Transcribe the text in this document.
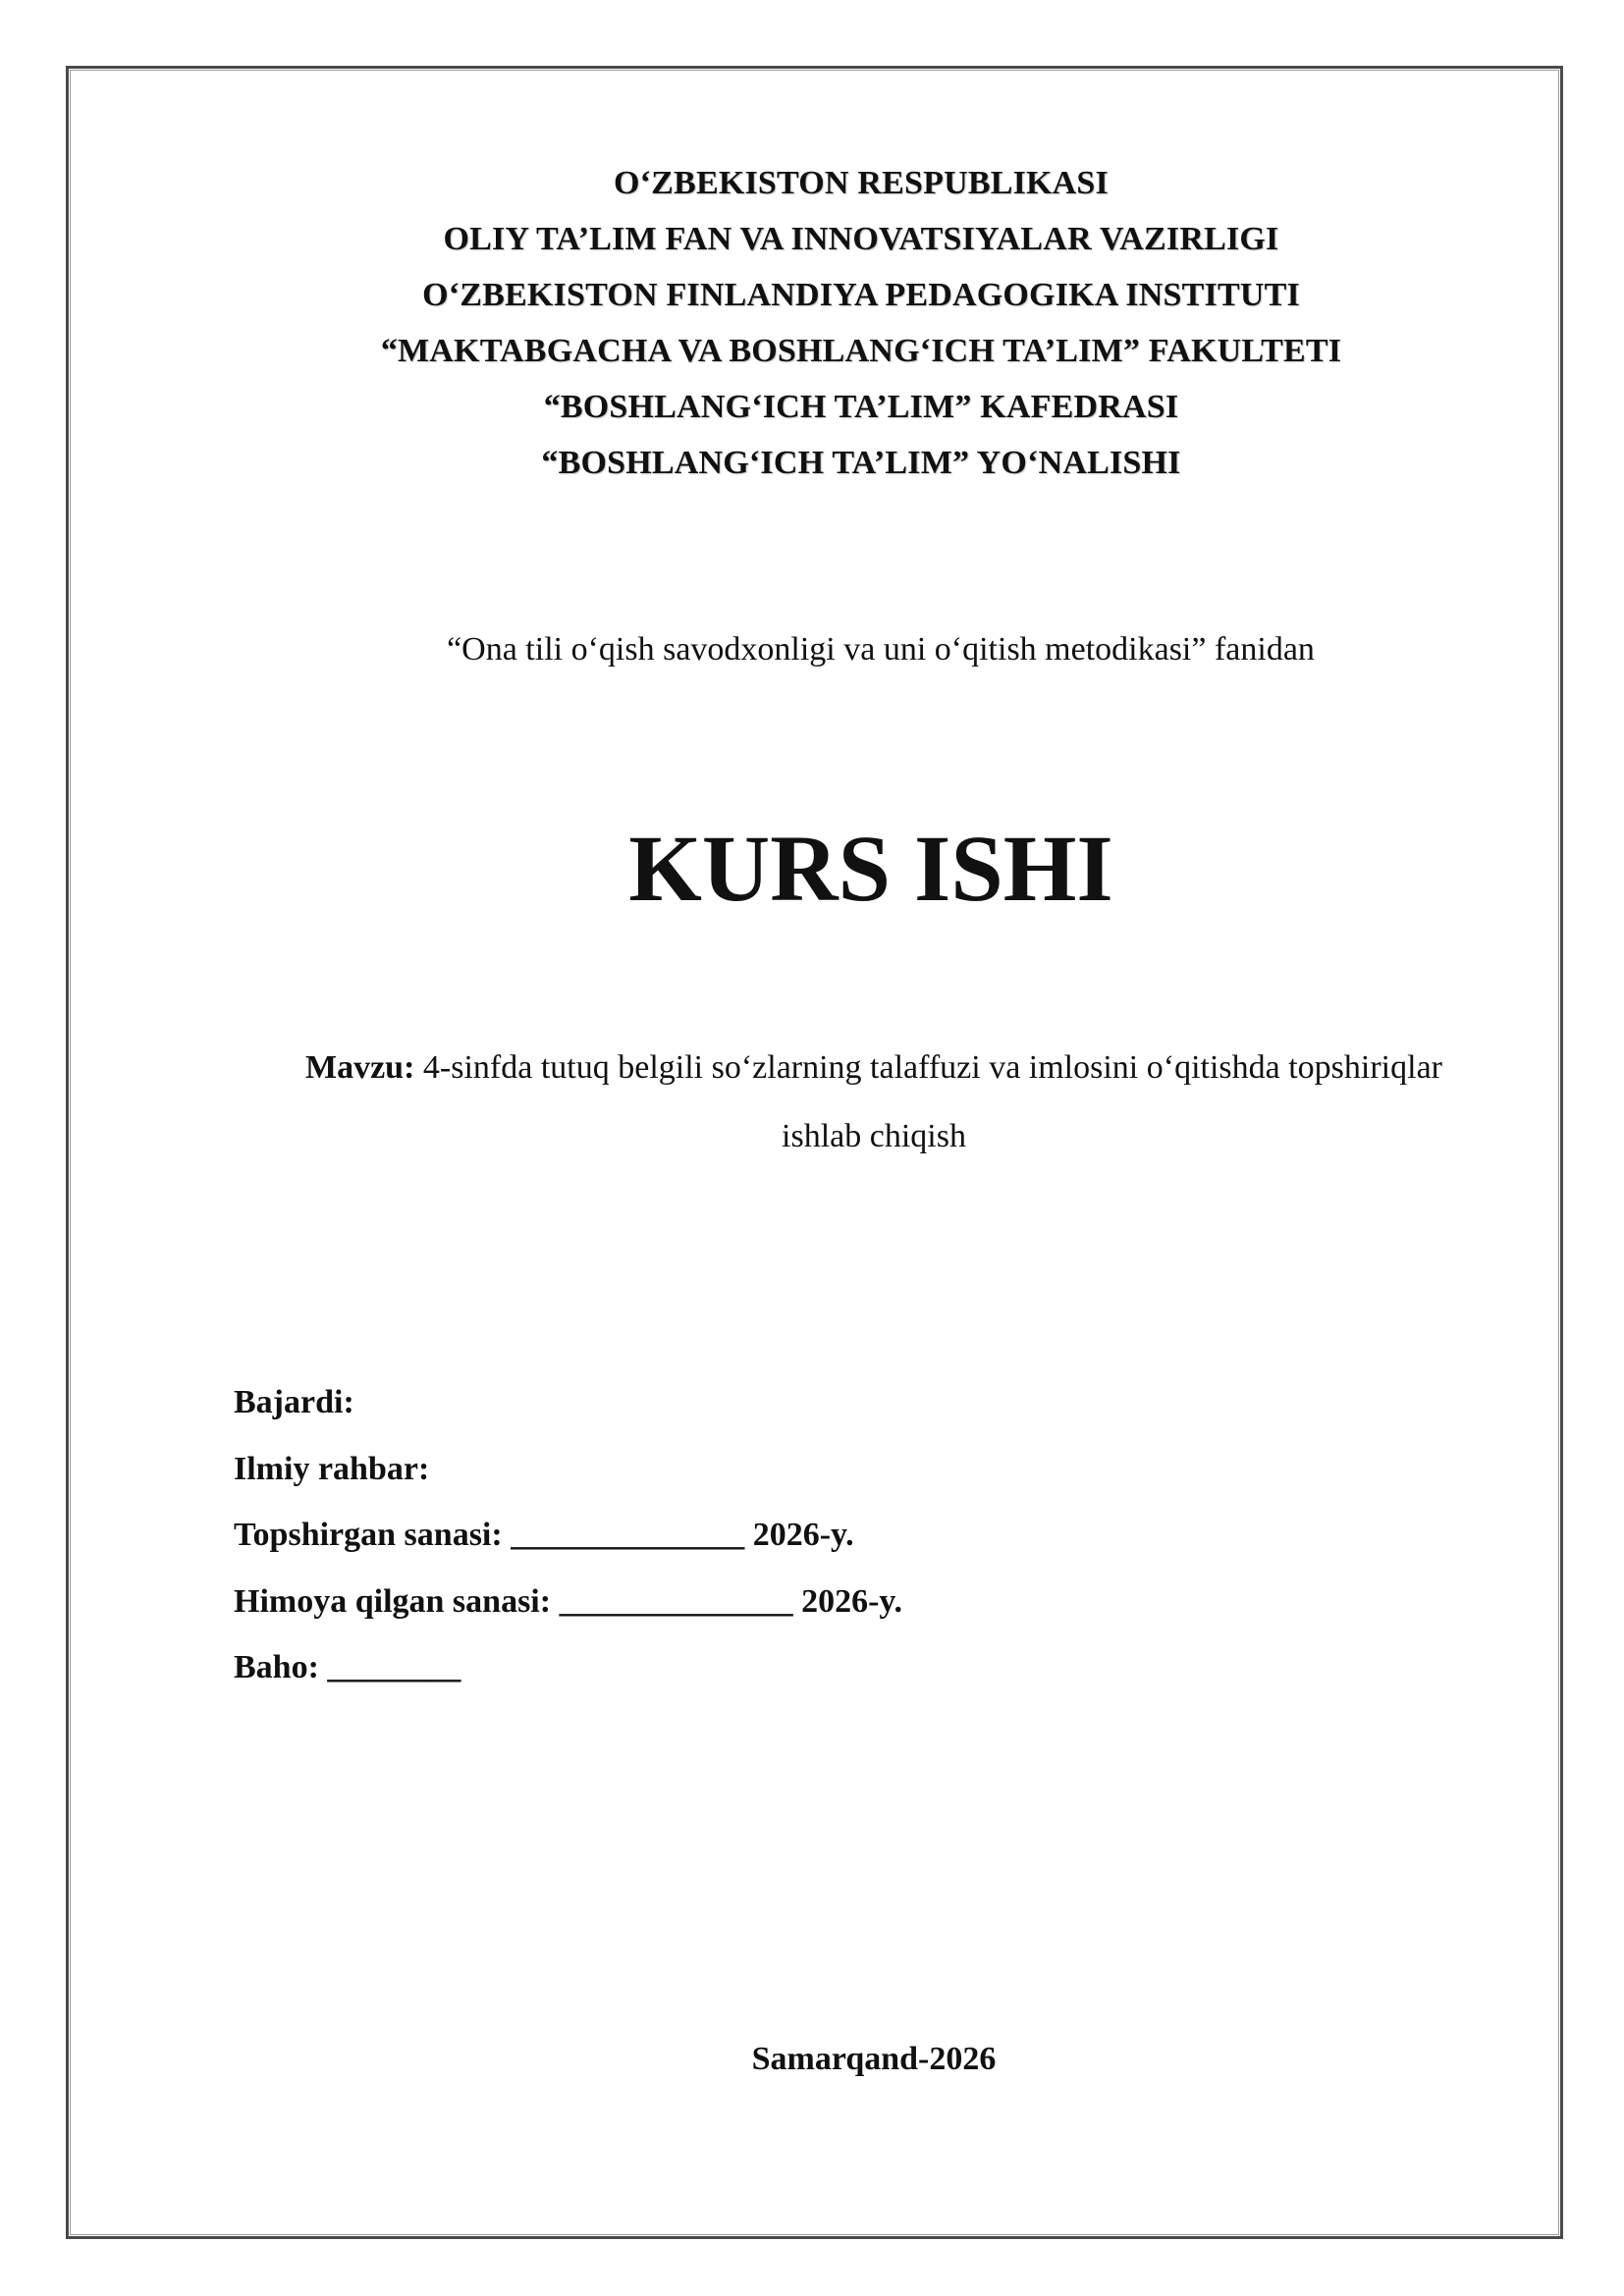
O‘ZBEKISTON RESPUBLIKASI
OLIY TA’LIM FAN VA INNOVATSIYALAR VAZIRLIGI
O‘ZBEKISTON FINLANDIYA PEDAGOGIKA INSTITUTI
“MAKTABGACHA VA BOSHLANG‘ICH TA’LIM” FAKULTETI
“BOSHLANG‘ICH TA’LIM” KAFEDRASI
“BOSHLANG‘ICH TA’LIM” YO‘NALISHI
“Ona tili o‘qish savodxonligi va uni o‘qitish metodikasi” fanidan
KURS ISHI
Mavzu: 4-sinfda tutuq belgili so‘zlarning talaffuzi va imlosini o‘qitishda topshiriqlar ishlab chiqish
Bajardi:
Ilmiy rahbar:
Topshirgan sanasi: ______________ 2026-y.
Himoya qilgan sanasi: ______________ 2026-y.
Baho: ________
Samarqand-2026
